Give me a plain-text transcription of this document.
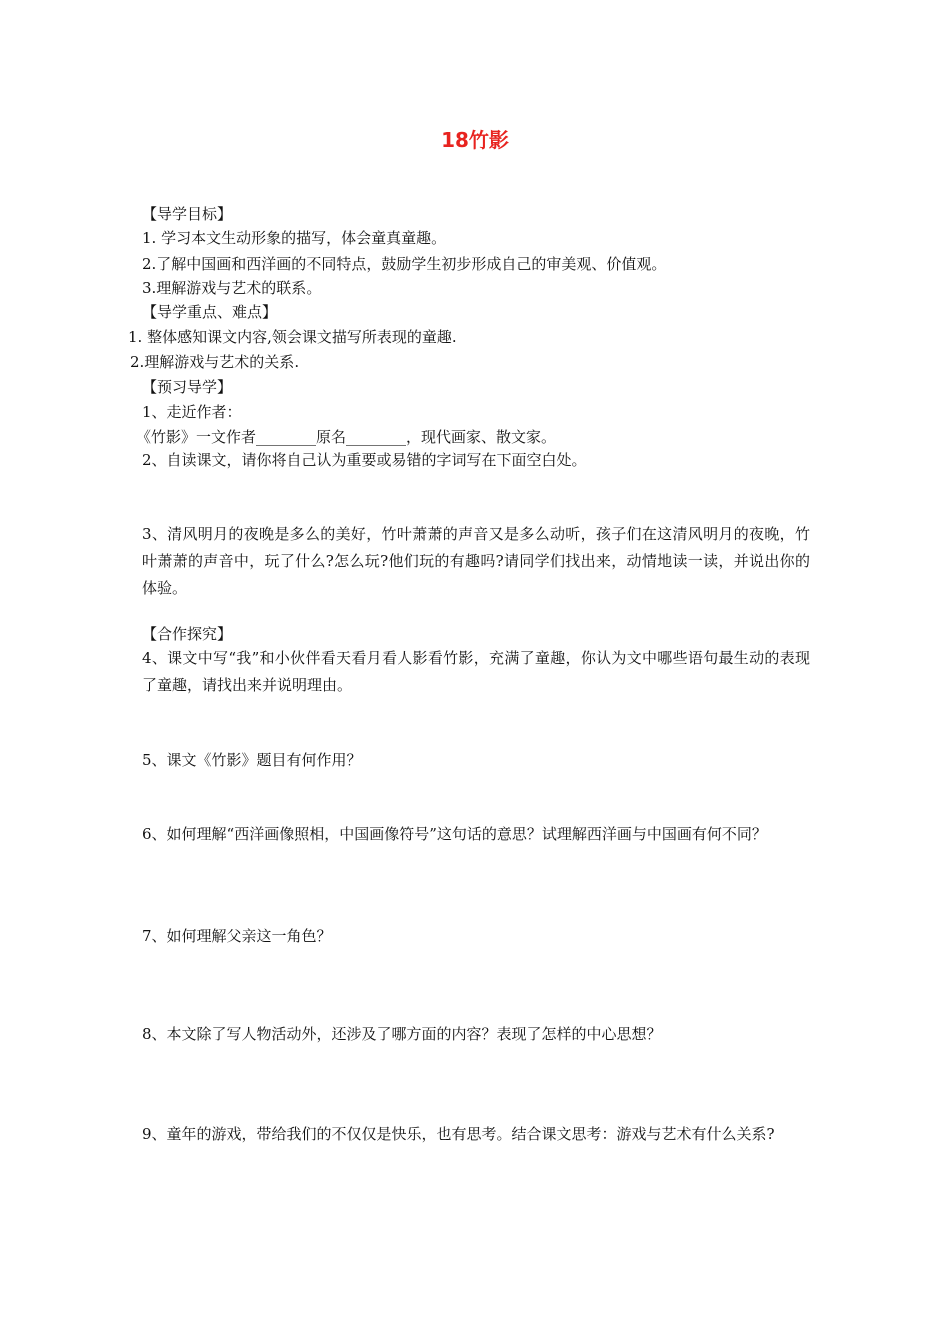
18竹影
【导学目标】
1. 学习本文生动形象的描写，体会童真童趣。
2.了解中国画和西洋画的不同特点，鼓励学生初步形成自己的审美观、价值观。
3.理解游戏与艺术的联系。
【导学重点、难点】
1. 整体感知课文内容,领会课文描写所表现的童趣.
2.理解游戏与艺术的关系.
【预习导学】
1、走近作者：
《竹影》一文作者________原名________，现代画家、散文家。
2、自读课文，请你将自己认为重要或易错的字词写在下面空白处。
3、清风明月的夜晚是多么的美好，竹叶萧萧的声音又是多么动听，孩子们在这清风明月的夜晚，竹叶萧萧的声音中，玩了什么?怎么玩?他们玩的有趣吗?请同学们找出来，动情地读一读，并说出你的体验。
【合作探究】
4、课文中写“我”和小伙伴看天看月看人影看竹影，充满了童趣，你认为文中哪些语句最生动的表现了童趣，请找出来并说明理由。
5、课文《竹影》题目有何作用？
6、如何理解“西洋画像照相，中国画像符号”这句话的意思？试理解西洋画与中国画有何不同？
7、如何理解父亲这一角色？
8、本文除了写人物活动外，还涉及了哪方面的内容？表现了怎样的中心思想？
9、童年的游戏，带给我们的不仅仅是快乐，也有思考。结合课文思考：游戏与艺术有什么关系?
